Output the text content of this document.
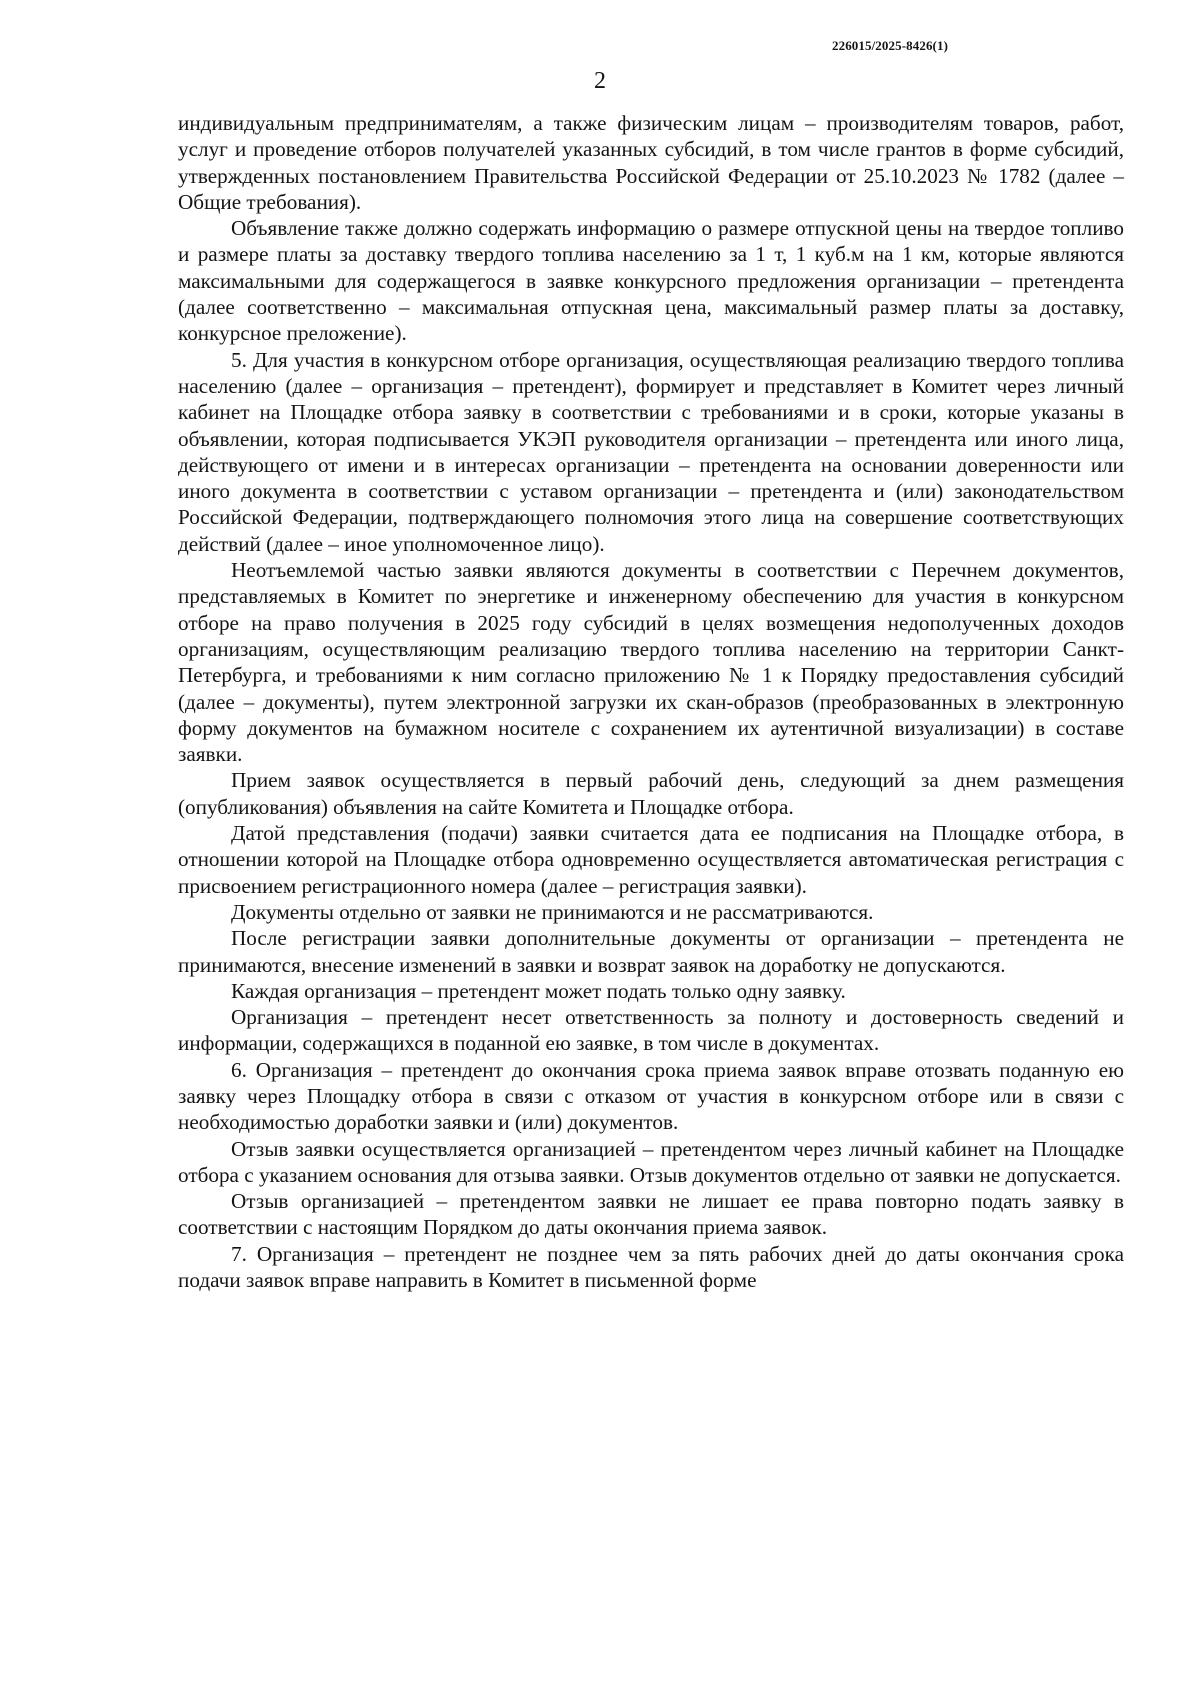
226015/2025-8426(1)
2

индивидуальным предпринимателям, а также физическим лицам – производителям товаров, работ, услуг и проведение отборов получателей указанных субсидий, в том числе грантов в форме субсидий, утвержденных постановлением Правительства Российской Федерации от 25.10.2023 № 1782 (далее – Общие требования).

Объявление также должно содержать информацию о размере отпускной цены на твердое топливо и размере платы за доставку твердого топлива населению за 1 т, 1 куб.м на 1 км, которые являются максимальными для содержащегося в заявке конкурсного предложения организации – претендента (далее соответственно – максимальная отпускная цена, максимальный размер платы за доставку, конкурсное преложение).

5. Для участия в конкурсном отборе организация, осуществляющая реализацию твердого топлива населению (далее – организация – претендент), формирует и представляет в Комитет через личный кабинет на Площадке отбора заявку в соответствии с требованиями и в сроки, которые указаны в объявлении, которая подписывается УКЭП руководителя организации – претендента или иного лица, действующего от имени и в интересах организации – претендента на основании доверенности или иного документа в соответствии с уставом организации – претендента и (или) законодательством Российской Федерации, подтверждающего полномочия этого лица на совершение соответствующих действий (далее – иное уполномоченное лицо).

Неотъемлемой частью заявки являются документы в соответствии с Перечнем документов, представляемых в Комитет по энергетике и инженерному обеспечению для участия в конкурсном отборе на право получения в 2025 году субсидий в целях возмещения недополученных доходов организациям, осуществляющим реализацию твердого топлива населению на территории Санкт-Петербурга, и требованиями к ним согласно приложению № 1 к Порядку предоставления субсидий (далее – документы), путем электронной загрузки их скан-образов (преобразованных в электронную форму документов на бумажном носителе с сохранением их аутентичной визуализации) в составе заявки.

Прием заявок осуществляется в первый рабочий день, следующий за днем размещения (опубликования) объявления на сайте Комитета и Площадке отбора.

Датой представления (подачи) заявки считается дата ее подписания на Площадке отбора, в отношении которой на Площадке отбора одновременно осуществляется автоматическая регистрация с присвоением регистрационного номера (далее – регистрация заявки).

Документы отдельно от заявки не принимаются и не рассматриваются.

После регистрации заявки дополнительные документы от организации – претендента не принимаются, внесение изменений в заявки и возврат заявок на доработку не допускаются.

Каждая организация – претендент может подать только одну заявку.

Организация – претендент несет ответственность за полноту и достоверность сведений и информации, содержащихся в поданной ею заявке, в том числе в документах.

6. Организация – претендент до окончания срока приема заявок вправе отозвать поданную ею заявку через Площадку отбора в связи с отказом от участия в конкурсном отборе или в связи с необходимостью доработки заявки и (или) документов.

Отзыв заявки осуществляется организацией – претендентом через личный кабинет на Площадке отбора с указанием основания для отзыва заявки. Отзыв документов отдельно от заявки не допускается.

Отзыв организацией – претендентом заявки не лишает ее права повторно подать заявку в соответствии с настоящим Порядком до даты окончания приема заявок.

7. Организация – претендент не позднее чем за пять рабочих дней до даты окончания срока подачи заявок вправе направить в Комитет в письменной форме
